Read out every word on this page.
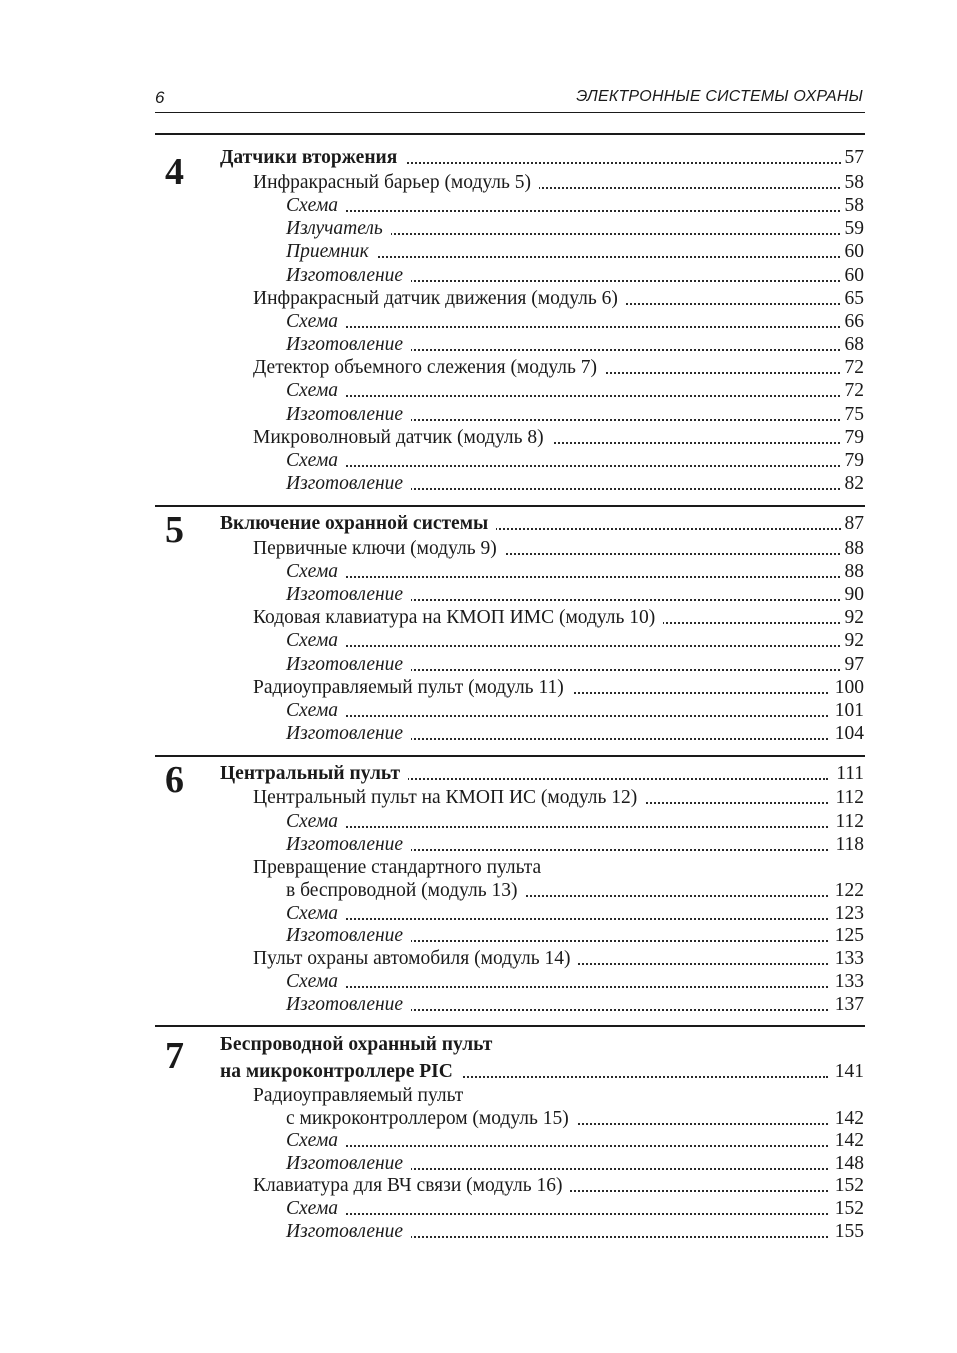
6	ЭЛЕКТРОННЫЕ СИСТЕМЫ ОХРАНЫ
4	Датчики вторжения	57
Инфракрасный барьер (модуль 5)	58
Схема	58
Излучатель	59
Приемник	60
Изготовление	60
Инфракрасный датчик движения (модуль 6)	65
Схема	66
Изготовление	68
Детектор объемного слежения (модуль 7)	72
Схема	72
Изготовление	75
Микроволновый датчик (модуль 8)	79
Схема	79
Изготовление	82
5	Включение охранной системы	87
Первичные ключи (модуль 9)	88
Схема	88
Изготовление	90
Кодовая клавиатура на КМОП ИМС (модуль 10)	92
Схема	92
Изготовление	97
Радиоуправляемый пульт (модуль 11)	100
Схема	101
Изготовление	104
6	Центральный пульт	111
Центральный пульт на КМОП ИС (модуль 12)	112
Схема	112
Изготовление	118
Превращение стандартного пульта
в беспроводной (модуль 13)	122
Схема	123
Изготовление	125
Пульт охраны автомобиля (модуль 14)	133
Схема	133
Изготовление	137
7	Беспроводной охранный пульт
на микроконтроллере PIC	141
Радиоуправляемый пульт
с микроконтроллером (модуль 15)	142
Схема	142
Изготовление	148
Клавиатура для ВЧ связи (модуль 16)	152
Схема	152
Изготовление	155
